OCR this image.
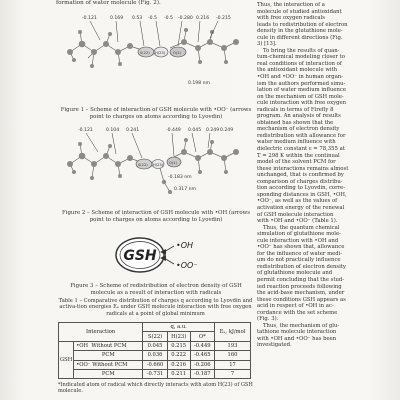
formation of water molecule (Fig. 2).
-0.121	0.169 0.53 -0.5 -0.5 -0.280 0.216 -0.215
0.198 nm
S(22) H(23) O(1)
Figure 1 – Scheme of interaction of GSH molecule with •OO⁻ (arrows point to charges on atoms according to Lyovdin)
-0.121	0.104 0.241	-0.449 0.045 0.249 0.249
-0.183 nm
0.317 nm
S(22) H(23) O(1)
Figure 2 – Scheme of interaction of GSH molecule with •OH (arrows point to charges on atoms according to Lyovdin)
GSH
•OH
•OO⁻
Figure 3 – Scheme of redistribution of electron density of GSH molecule as a result of interaction with radicals
Table 1 – Comparative distribution of charges q according to Lyovdin and activa-tion energies Eₐ under GSH molecule interaction with free oxygen radicals at a point of global minimum
Interaction		q, a.u.			Eₐ, kJ/mol
		S(22)	H(23)	O*	
GSH	•OH Without PCM	0.045	0.215	-0.449	193
	PCM	0.036	0.222	-0.465	160
	•OO⁻ Without PCM	-0.660	0.216	-0.206	17
	PCM	-0.731	0.211	-0.187	7
*Indicated atom of radical which directly interacts with atom H(23) of GSH molecule.
Thus, the interaction of a
molecule of studied antioxidant
with free oxygen radicals
leads to redistribution of electron
density in the glutathione mole-
cule in different directions (Fig.
3) [13].
To bring the results of quan-
tum-chemical modeling closer to
real conditions of interaction of
the antioxidant molecule with
•OH and •OO⁻ in human organ-
ism the authors performed simu-
lation of water medium influence
on the mechanism of GSH mole-
cule interaction with free oxygen
radicals in terms of Firefly 8
program. An analysis of results
obtained has shown that the
mechanism of electron density
redistribution with allowance for
water medium influence with
dielectric constant ε = 78,355 at
T = 298 K within the continual
model of the solvent PCM for
these interactions remains almost
unchanged, that is confirmed by
comparison of charges distribu-
tion according to Lyovdin, corre-
sponding distances in GSH, •OH,
•OO⁻, as well as the values of
activation energy of the renewal
of GSH molecule interaction
with •OH and •OO⁻ (Table 1).
Thus, the quantum chemical
simulation of glutathione mole-
cule interaction with •OH and
•OO⁻ has shown that, allowance
for the influence of water medi-
um do not practically influence
redistribution of electron density
of glutathione molecule and
permit concluding that the stud-
ied reaction proceeds following
the acid-base mechanism, under
these conditions GSH appears as
acid in respect of •OH in ac-
cordance with the set scheme
(Fig. 3).
Thus, the mechanism of glu-
tathione molecule interaction
with •OH and •OO⁻ has been
investigated.
